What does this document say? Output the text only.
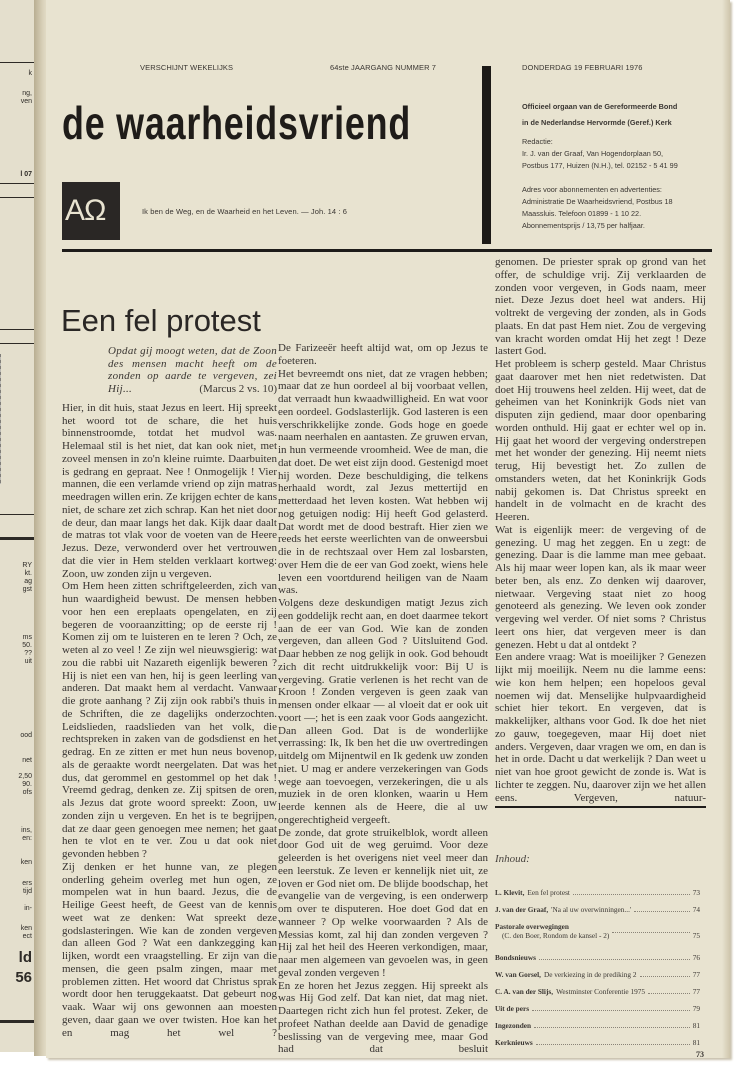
k
ng,
ven
l 07
RY
kt.
ag
gst
ms
50.
??
uit
ood
net
2,50
90.
ofs
ins,
en:
ken
ers
tijd
in-
ken
ect
ld
56
VERSCHIJNT WEKELIJKS	64ste JAARGANG NUMMER 7	DONDERDAG 19 FEBRUARI 1976
de waarheidsvriend
AΩ	Ik ben de Weg, en de Waarheid en het Leven. — Joh. 14 : 6
Officieel orgaan van de Gereformeerde Bond
in de Nederlandse Hervormde (Geref.) Kerk
Redactie:
Ir. J. van der Graaf, Van Hogendorplaan 50,
Postbus 177, Huizen (N.H.), tel. 02152 - 5 41 99
Adres voor abonnementen en advertenties:
Administratie De Waarheidsvriend, Postbus 18
Maassluis. Telefoon 01899 - 1 10 22.
Abonnementsprijs / 13,75 per halfjaar.
Een fel protest
Opdat gij moogt weten, dat de Zoon des mensen macht heeft om de zonden op aarde te vergeven, zei Hij...	(Marcus 2 vs. 10)

Hier, in dit huis, staat Jezus en leert. Hij spreekt het woord tot de schare, die het huis binnenstroomde, totdat het mudvol was. Helemaal stil is het niet, dat kan ook niet, met zoveel mensen in zo'n kleine ruimte. Daarbuiten is gedrang en gepraat. Nee ! Onmogelijk ! Vier mannen, die een verlamde vriend op zijn matras meedragen willen erin. Ze krijgen echter de kans niet, de schare zet zich schrap. Kan het niet door de deur, dan maar langs het dak. Kijk daar daalt de matras tot vlak voor de voeten van de Heere Jezus. Deze, verwonderd over het vertrouwen dat die vier in Hem stelden verklaart kortweg: Zoon, uw zonden zijn u vergeven.

Om Hem heen zitten schriftgeleerden, zich van hun waardigheid bewust. De mensen hebben voor hen een ereplaats opengelaten, en zij begeren de vooraanzitting; op de eerste rij ! Komen zij om te luisteren en te leren ? Och, ze weten al zo veel ! Ze zijn wel nieuwsgierig: wat zou die rabbi uit Nazareth eigenlijk beweren ? Hij is niet een van hen, hij is geen leerling van anderen. Dat maakt hem al verdacht. Vanwaar die grote aanhang ? Zij zijn ook rabbi's thuis in de Schriften, die ze dagelijks onderzochten. Leidslieden, raadslieden van het volk, die rechtspreken in zaken van de godsdienst en het gedrag. En ze zitten er met hun neus bovenop, als de geraakte wordt neergelaten. Dat was het dus, dat gerommel en gestommel op het dak ! Vreemd gedrag, denken ze. Zij spitsen de oren, als Jezus dat grote woord spreekt: Zoon, uw zonden zijn u vergeven. En het is te begrijpen, dat ze daar geen genoegen mee nemen; het gaat hen te vlot en te ver. Zou u dat ook niet gevonden hebben ?

Zij denken er het hunne van, ze plegen onderling geheim overleg met hun ogen, ze mompelen wat in hun baard. Jezus, die de Heilige Geest heeft, de Geest van de kennis weet wat ze denken: Wat spreekt deze godslasteringen. Wie kan de zonden vergeven dan alleen God ? Wat een dankzegging kan lijken, wordt een vraagstelling. Er zijn van die mensen, die geen psalm zingen, maar met problemen zitten. Het woord dat Christus sprak wordt door hen teruggekaatst. Dat gebeurt nog vaak. Waar wij ons gewonnen aan moesten geven, daar gaan we over twisten. Hoe kan het en mag het wel ?

De Farizeeër heeft altijd wat, om op Jezus te foeteren.

Het bevreemdt ons niet, dat ze vragen hebben; maar dat ze hun oordeel al bij voorbaat vellen, dat verraadt hun kwaadwilligheid. En wat voor een oordeel. Godslasterlijk. God lasteren is een verschrikkelijke zonde. Gods hoge en goede naam neerhalen en aantasten. Ze gruwen ervan, in hun vermeende vroomheid. Wee de man, die dat doet. De wet eist zijn dood. Gestenigd moet hij worden. Deze beschuldiging, die telkens herhaald wordt, zal Jezus mettertijd en metterdaad het leven kosten. Wat hebben wij nog getuigen nodig: Hij heeft God gelasterd. Dat wordt met de dood bestraft. Hier zien we reeds het eerste weerlichten van de onweersbui die in de rechtszaal over Hem zal losbarsten, over Hem die de eer van God zoekt, wiens hele leven een voortdurend heiligen van de Naam was.

Volgens deze deskundigen matigt Jezus zich een goddelijk recht aan, en doet daarmee tekort aan de eer van God. Wie kan de zonden vergeven, dan alleen God ? Uitsluitend God. Daar hebben ze nog gelijk in ook. God behoudt zich dit recht uitdrukkelijk voor: Bij U is vergeving. Gratie verlenen is het recht van de Kroon ! Zonden vergeven is geen zaak van mensen onder elkaar — al vloeit dat er ook uit voort —; het is een zaak voor Gods aangezicht. Dan alleen God. Dat is de wonderlijke verrassing: Ik, Ik ben het die uw overtredingen uitdelg om Mijnentwil en Ik gedenk uw zonden niet. U mag er andere verzekeringen van Gods wege aan toevoegen, verzekeringen, die u als muziek in de oren klonken, waarin u Hem leerde kennen als de Heere, die al uw ongerechtigheid vergeeft.

De zonde, dat grote struikelblok, wordt alleen door God uit de weg geruimd. Voor deze geleerden is het overigens niet veel meer dan een leerstuk. Ze leven er kennelijk niet uit, ze loven er God niet om. De blijde boodschap, het evangelie van de vergeving, is een onderwerp om over te disputeren. Hoe doet God dat en wanneer ? Op welke voorwaarden ? Als de Messias komt, zal hij dan zonden vergeven ? Hij zal het heil des Heeren verkondigen, maar, naar men algemeen van gevoelen was, in geen geval zonden vergeven !

En ze horen het Jezus zeggen. Hij spreekt als was Hij God zelf. Dat kan niet, dat mag niet. Daartegen richt zich hun fel protest. Zeker, de profeet Nathan deelde aan David de genadige beslissing van de vergeving mee, maar God had dat besluit

genomen. De priester sprak op grond van het offer, de schuldige vrij. Zij verklaarden de zonden voor vergeven, in Gods naam, meer niet. Deze Jezus doet heel wat anders. Hij voltrekt de vergeving der zonden, als in Gods plaats. En dat past Hem niet. Zou de vergeving van kracht worden omdat Hij het zegt ! Deze lastert God.

Het probleem is scherp gesteld. Maar Christus gaat daarover met hen niet redetwisten. Dat doet Hij trouwens heel zelden. Hij weet, dat de geheimen van het Koninkrijk Gods niet van disputen zijn gediend, maar door openbaring worden onthuld. Hij gaat er echter wel op in. Hij gaat het woord der vergeving onderstrepen met het wonder der genezing. Hij neemt niets terug, Hij bevestigt het. Zo zullen de omstanders weten, dat het Koninkrijk Gods nabij gekomen is. Dat Christus spreekt en handelt in de volmacht en de kracht des Heeren.

Wat is eigenlijk meer: de vergeving of de genezing. U mag het zeggen. En u zegt: de genezing. Daar is die lamme man mee gebaat. Als hij maar weer lopen kan, als ik maar weer beter ben, als enz. Zo denken wij daarover, nietwaar. Vergeving staat niet zo hoog genoteerd als genezing. We leven ook zonder vergeving wel verder. Of niet soms ? Christus leert ons hier, dat vergeven meer is dan genezen. Hebt u dat al ontdekt ?

Een andere vraag: Wat is moeilijker ? Genezen lijkt mij moeilijk. Neem nu die lamme eens: wie kon hem helpen; een hopeloos geval noemen wij dat. Menselijke hulpvaardigheid schiet hier tekort. En vergeven, dat is makkelijker, althans voor God. Ik doe het niet zo gauw, toegegeven, maar Hij doet niet anders. Vergeven, daar vragen we om, en dan is het in orde. Dacht u dat werkelijk ? Dan weet u niet van hoe groot gewicht de zonde is. Wat is lichter te zeggen. Nu, daarover zijn we het allen eens. Vergeven, natuur-

Inhoud:
L. Klevit, Een fel protest	73
J. van der Graaf, 'Na al uw overwinningen...'	74
Pastorale overwegingen
(C. den Boer, Rondom de kansel - 2)	75
Bondsnieuws	76
W. van Gorsel, De verkiezing in de prediking 2	77
C. A. van der Slijs, Westminster Conferentie 1975	77
Uit de pers	79
Ingezonden	81
Kerknieuws	81
73
